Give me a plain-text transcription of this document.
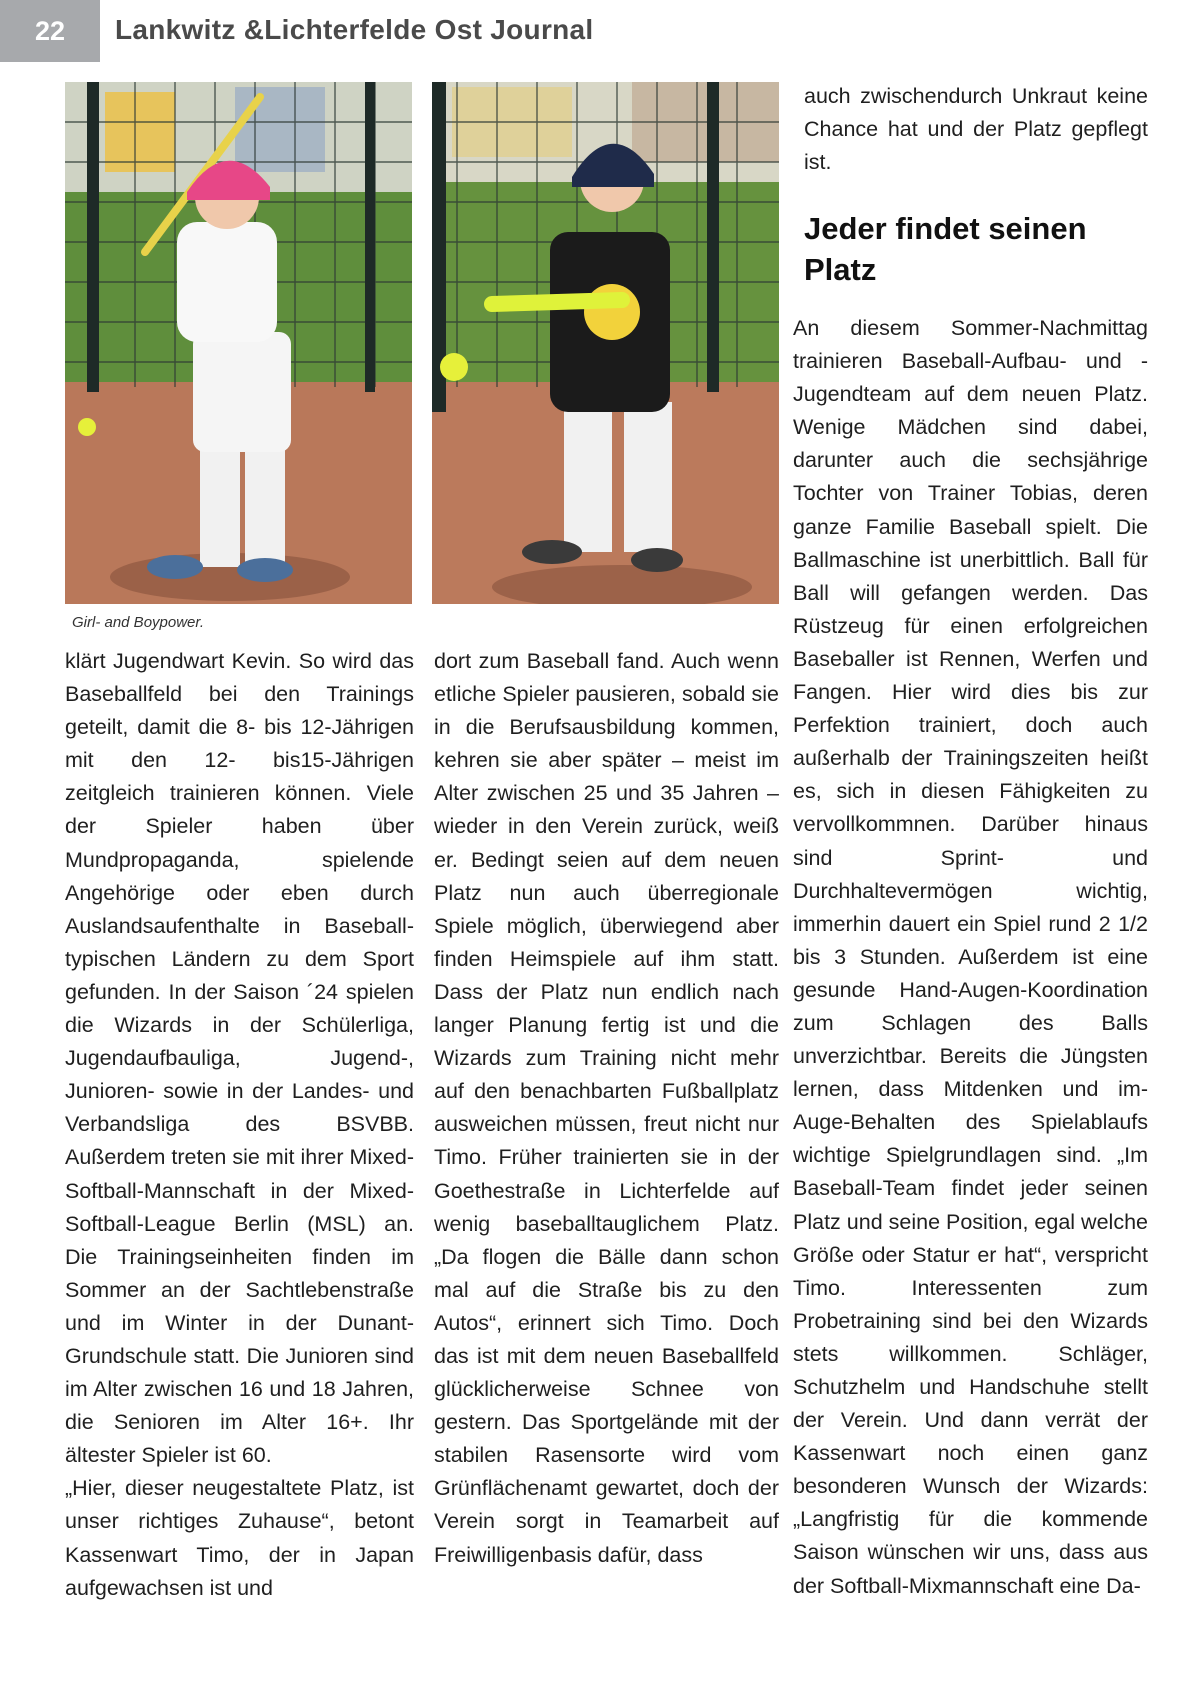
22	Lankwitz &Lichterfelde Ost Journal
Girl- and Boypower.

klärt Jugendwart Kevin. So wird das Baseballfeld bei den Trainings geteilt, damit die 8- bis 12-Jährigen mit den 12- bis15-Jährigen zeitgleich trainieren können. Viele der Spieler haben über Mundpropaganda, spielende Angehörige oder eben durch Auslandsaufenthalte in Baseball-typischen Ländern zu dem Sport gefunden. In der Saison ´24 spielen die Wizards in der Schülerliga, Jugendaufbauliga, Jugend-, Junioren- sowie in der Landes- und Verbandsliga des BSVBB. Außerdem treten sie mit ihrer Mixed-Softball-Mannschaft in der Mixed-Softball-League Berlin (MSL) an. Die Trainingseinheiten finden im Sommer an der Sachtlebenstraße und im Winter in der Dunant-Grundschule statt. Die Junioren sind im Alter zwischen 16 und 18 Jahren, die Senioren im Alter 16+. Ihr ältester Spieler ist 60.

„Hier, dieser neugestaltete Platz, ist unser richtiges Zuhause“, betont Kassenwart Timo, der in Japan aufgewachsen ist und

dort zum Baseball fand. Auch wenn etliche Spieler pausieren, sobald sie in die Berufsausbildung kommen, kehren sie aber später – meist im Alter zwischen 25 und 35 Jahren – wieder in den Verein zurück, weiß er. Bedingt seien auf dem neuen Platz nun auch überregionale Spiele möglich, überwiegend aber finden Heimspiele auf ihm statt. Dass der Platz nun endlich nach langer Planung fertig ist und die Wizards zum Training nicht mehr auf den benachbarten Fußballplatz ausweichen müssen, freut nicht nur Timo. Früher trainierten sie in der Goethestraße in Lichterfelde auf wenig baseballtauglichem Platz. „Da flogen die Bälle dann schon mal auf die Straße bis zu den Autos“, erinnert sich Timo. Doch das ist mit dem neuen Baseballfeld glücklicherweise Schnee von gestern. Das Sportgelände mit der stabilen Rasensorte wird vom Grünflächenamt gewartet, doch der Verein sorgt in Teamarbeit auf Freiwilligenbasis dafür, dass

auch zwischendurch Unkraut keine Chance hat und der Platz gepflegt ist.

Jeder findet seinen Platz

An diesem Sommer-Nachmittag trainieren Baseball-Aufbau- und -Jugendteam auf dem neuen Platz. Wenige Mädchen sind dabei, darunter auch die sechsjährige Tochter von Trainer Tobias, deren ganze Familie Baseball spielt. Die Ballmaschine ist unerbittlich. Ball für Ball will gefangen werden. Das Rüstzeug für einen erfolgreichen Baseballer ist Rennen, Werfen und Fangen. Hier wird dies bis zur Perfektion trainiert, doch auch außerhalb der Trainingszeiten heißt es, sich in diesen Fähigkeiten zu vervollkommnen. Darüber hinaus sind Sprint- und Durchhaltevermögen wichtig, immerhin dauert ein Spiel rund 2 1/2 bis 3 Stunden. Außerdem ist eine gesunde Hand-Augen-Koordination zum Schlagen des Balls unverzichtbar. Bereits die Jüngsten lernen, dass Mitdenken und im-Auge-Behalten des Spielablaufs wichtige Spielgrundlagen sind. „Im Baseball-Team findet jeder seinen Platz und seine Position, egal welche Größe oder Statur er hat“, verspricht Timo. Interessenten zum Probetraining sind bei den Wizards stets willkommen. Schläger, Schutzhelm und Handschuhe stellt der Verein. Und dann verrät der Kassenwart noch einen ganz besonderen Wunsch der Wizards: „Langfristig für die kommende Saison wünschen wir uns, dass aus der Softball-Mixmannschaft eine Da-
